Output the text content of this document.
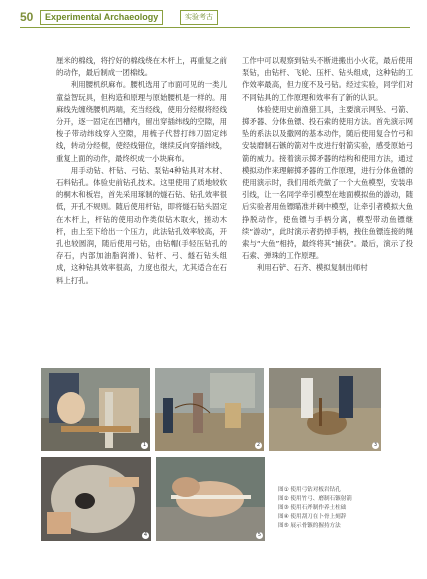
50	Experimental Archaeology	实验考古

厘米的棉线，将拧好的棉线绕在木杆上，再重复之前的动作，最后制成一团棉线。

利用腰机织麻布。腰机选用了市面可见的一类儿童益智玩具，但构造和原理与原始腰机是一样的。用麻线先缠绕腰机两端，充当经线，使用分经棍将经线分开，逐一固定在凹槽内，留出穿插纬线的空隙，用梭子带动纬线穿入空隙，用梳子代替打纬刀固定纬线，转动分经棍，使经线错位，继续反向穿插纬线，重复上面的动作，最终织成一小块麻布。

用手动钻、杆钻、弓钻、泵钻4种钻具对木材、石料钻孔。体验史前钻孔技术。这里使用了质地较软的桐木和板岩，首先采用琢制的燧石钻、钻孔效率很低，开孔不规则。随后使用杆钻，即将燧石钻头固定在木杆上，杆钻的使用动作类似钻木取火，搓动木杆，由上至下给出一个压力，此法钻孔效率较高，开孔也较圆润，随后使用弓钻，由钻帽(手轻压钻孔的存石，内部加油脂润滑)、钻杆、弓、燧石钻头组成，这种钻具效率很高，力度也很大，尤其适合在石料上打孔。

工作中可以观察到钻头不断进搬出小火花，最后使用泵钻，由钻杆、飞轮、压杆、钻头组成，这种钻的工作效率最高，但力度不及弓钻。经过实验，同学们对不同钻具的工作原理和效率有了新的认识。

体验使用史前渔猎工具，主要演示网坠、弓箭、掷矛器、分体鱼镖、投石索的使用方法。首先演示网坠的系法以及撒网的基本动作，随后使用复合竹弓和安装磨制石镞的箭对牛皮进行射箭实验，感受原始弓箭的威力。接着演示掷矛器的结构和使用方法，通过模拟动作来理解掷矛器的工作原理，进行分体鱼镖的使用演示时，我们用纸壳做了一个大鱼模型，安装串引线，让一名同学牵引模型在地面模拟鱼的游动，随后实验者用鱼镖瞄准并刺中模型，让牵引者模拟大鱼挣脱动作，使鱼镖与手柄分离，模型带动鱼镖继续“游动”，此时演示者扔掉手柄，拽住鱼镖连接的绳索与“大鱼”相持，最终将其“捕获”。最后，演示了投石索、弹珠的工作原理。

利用石铲、石齐、模拟复制出师村

1	2	3
4	5
图① 使用弓钻对板岩钻孔
图② 使用竹弓、磨制石镞射箭
图③ 使用石斧制作养土柱础
图④ 使用刮刀在卜骨上刻辞
图⑤ 展示骨镞的握持方法
